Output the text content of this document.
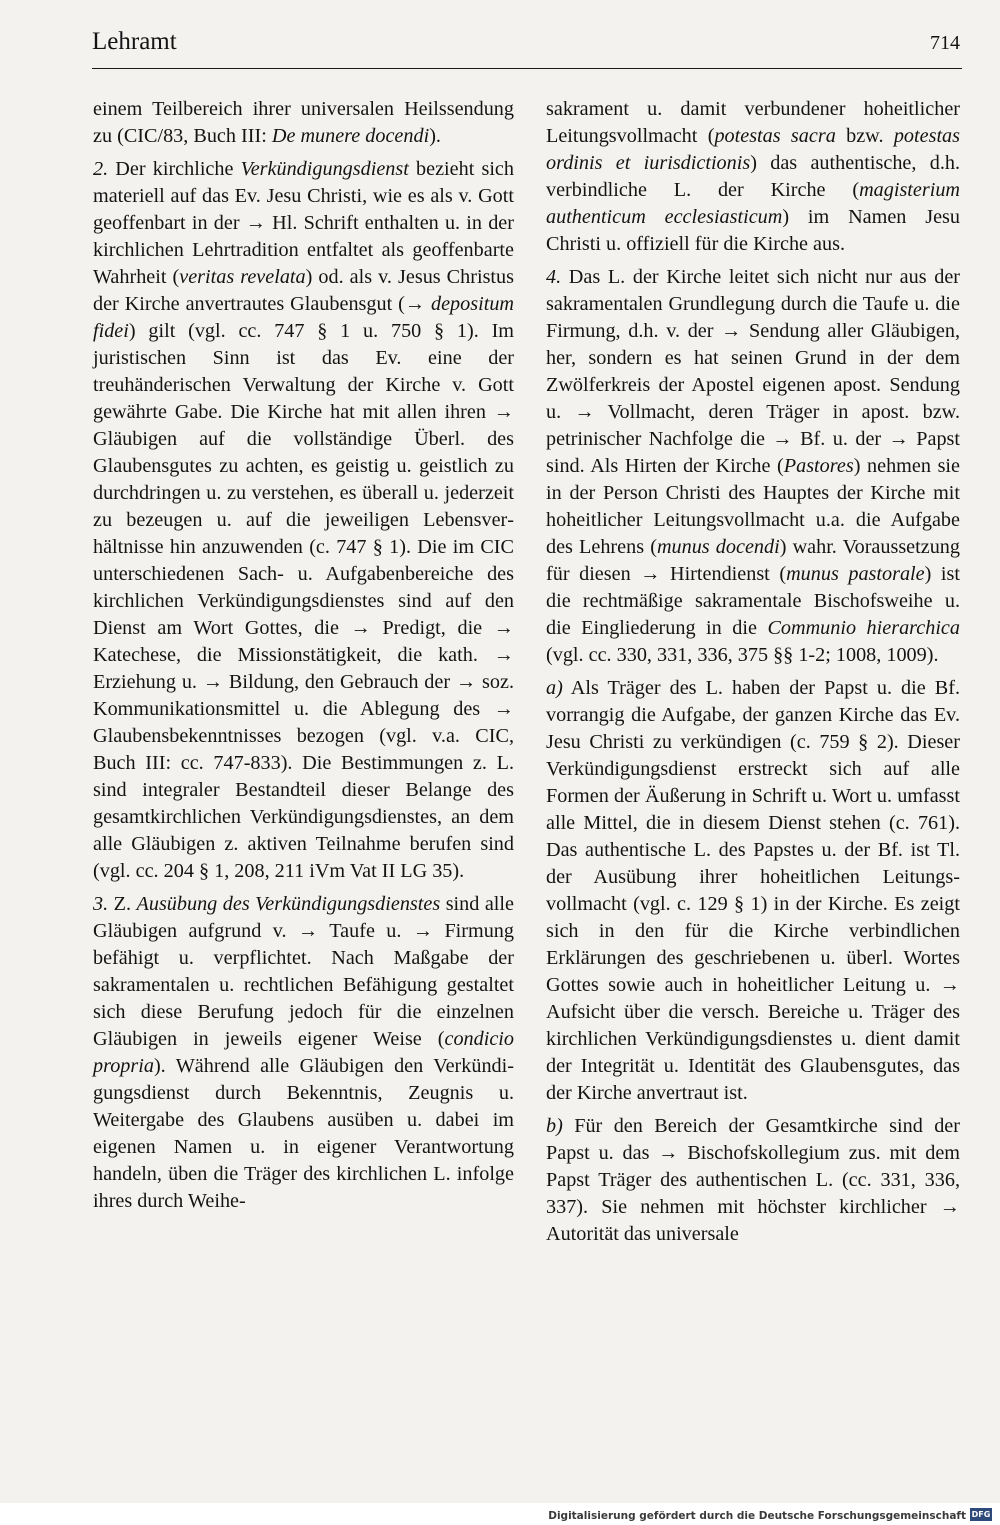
Lehramt	714

einem Teilbereich ihrer universalen Heilssendung zu (CIC/83, Buch III: De munere docendi).

2. Der kirchliche Verkündigungsdienst bezieht sich materiell auf das Ev. Jesu Christi, wie es als v. Gott geoffenbart in der → Hl. Schrift enthalten u. in der kirchlichen Lehrtradition entfaltet als geoffenbarte Wahrheit (veritas revelata) od. als v. Jesus Christus der Kirche anvertrautes Glaubensgut (→ depositum fidei) gilt (vgl. cc. 747 § 1 u. 750 § 1). Im juristischen Sinn ist das Ev. eine der treuhänderischen Verwaltung der Kirche v. Gott gewährte Gabe. Die Kirche hat mit allen ihren → Gläubigen auf die vollständige Überl. des Glaubensgutes zu achten, es geistig u. geistlich zu durchdringen u. zu verstehen, es überall u. jederzeit zu bezeugen u. auf die jeweiligen Lebensverhältnisse hin anzuwenden (c. 747 § 1). Die im CIC unterschiedenen Sach- u. Aufgabenbereiche des kirchlichen Verkündigungsdienstes sind auf den Dienst am Wort Gottes, die → Predigt, die → Katechese, die Missionstätigkeit, die kath. → Erziehung u. → Bildung, den Gebrauch der → soz. Kommunikationsmittel u. die Ablegung des → Glaubensbekenntnisses bezogen (vgl. v.a. CIC, Buch III: cc. 747-833). Die Bestimmungen z. L. sind integraler Bestandteil dieser Belange des gesamtkirchlichen Verkündigungsdienstes, an dem alle Gläubigen z. aktiven Teilnahme berufen sind (vgl. cc. 204 § 1, 208, 211 iVm Vat II LG 35).

3. Z. Ausübung des Verkündigungsdienstes sind alle Gläubigen aufgrund v. → Taufe u. → Firmung befähigt u. verpflichtet. Nach Maßgabe der sakramentalen u. rechtlichen Befähigung gestaltet sich diese Berufung jedoch für die einzelnen Gläubigen in jeweils eigener Weise (condicio propria). Während alle Gläubigen den Verkündigungsdienst durch Bekenntnis, Zeugnis u. Weitergabe des Glaubens ausüben u. dabei im eigenen Namen u. in eigener Verantwortung handeln, üben die Träger des kirchlichen L. infolge ihres durch Weihe-

sakrament u. damit verbundener hoheitlicher Leitungsvollmacht (potestas sacra bzw. potestas ordinis et iurisdictionis) das authentische, d.h. verbindliche L. der Kirche (magisterium authenticum ecclesiasticum) im Namen Jesu Christi u. offiziell für die Kirche aus.

4. Das L. der Kirche leitet sich nicht nur aus der sakramentalen Grundlegung durch die Taufe u. die Firmung, d.h. v. der → Sendung aller Gläubigen, her, sondern es hat seinen Grund in der dem Zwölferkreis der Apostel eigenen apost. Sendung u. → Vollmacht, deren Träger in apost. bzw. petrinischer Nachfolge die → Bf. u. der → Papst sind. Als Hirten der Kirche (Pastores) nehmen sie in der Person Christi des Hauptes der Kirche mit hoheitlicher Leitungsvollmacht u.a. die Aufgabe des Lehrens (munus docendi) wahr. Voraussetzung für diesen → Hirtendienst (munus pastorale) ist die rechtmäßige sakramentale Bischofsweihe u. die Eingliederung in die Communio hierarchica (vgl. cc. 330, 331, 336, 375 §§ 1-2; 1008, 1009).

a) Als Träger des L. haben der Papst u. die Bf. vorrangig die Aufgabe, der ganzen Kirche das Ev. Jesu Christi zu verkündigen (c. 759 § 2). Dieser Verkündigungsdienst erstreckt sich auf alle Formen der Äußerung in Schrift u. Wort u. umfasst alle Mittel, die in diesem Dienst stehen (c. 761). Das authentische L. des Papstes u. der Bf. ist Tl. der Ausübung ihrer hoheitlichen Leitungsvollmacht (vgl. c. 129 § 1) in der Kirche. Es zeigt sich in den für die Kirche verbindlichen Erklärungen des geschriebenen u. überl. Wortes Gottes sowie auch in hoheitlicher Leitung u. → Aufsicht über die versch. Bereiche u. Träger des kirchlichen Verkündigungsdienstes u. dient damit der Integrität u. Identität des Glaubensgutes, das der Kirche anvertraut ist.

b) Für den Bereich der Gesamtkirche sind der Papst u. das → Bischofskollegium zus. mit dem Papst Träger des authentischen L. (cc. 331, 336, 337). Sie nehmen mit höchster kirchlicher → Autorität das universale

Digitalisierung gefördert durch die Deutsche Forschungsgemeinschaft DFG
